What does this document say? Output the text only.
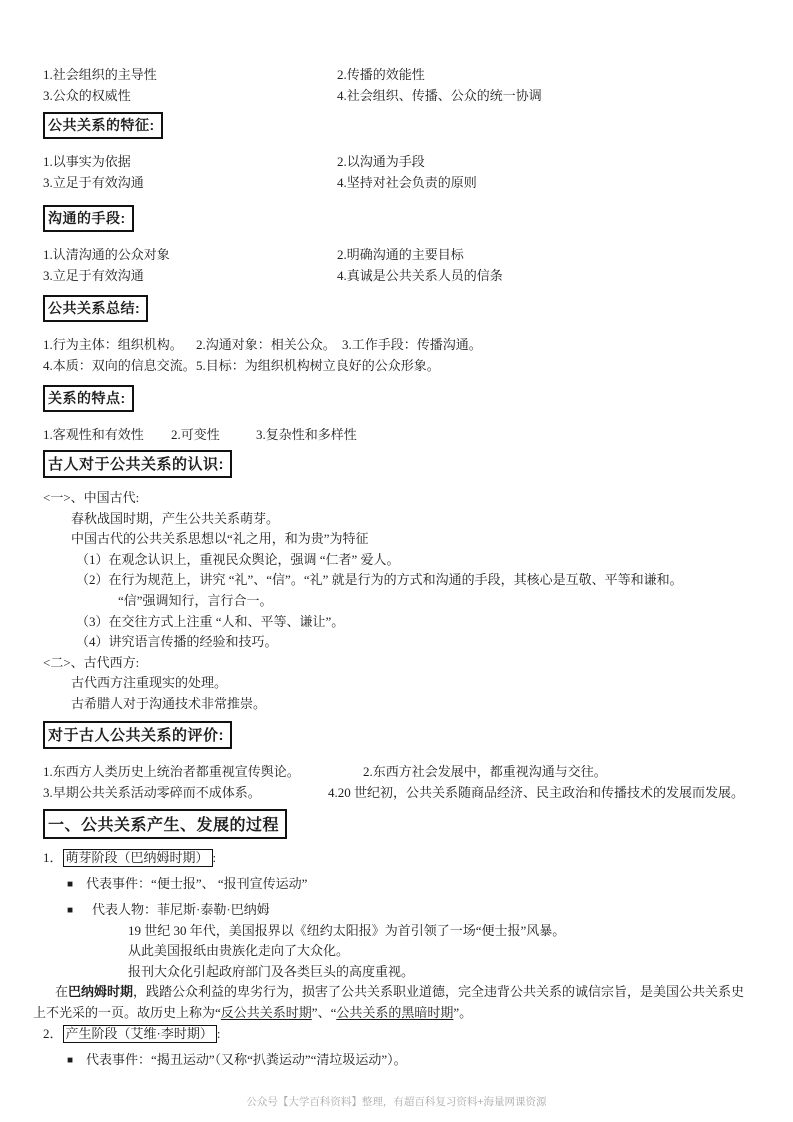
1.社会组织的主导性	2.传播的效能性
3.公众的权威性	4.社会组织、传播、公众的统一协调
公共关系的特征:
1.以事实为依据	2.以沟通为手段
3.立足于有效沟通	4.坚持对社会负责的原则
沟通的手段:
1.认清沟通的公众对象	2.明确沟通的主要目标
3.立足于有效沟通	4.真诚是公共关系人员的信条
公共关系总结:
1.行为主体：组织机构。	2.沟通对象：相关公众。 3.工作手段：传播沟通。
4.本质：双向的信息交流。 5.目标：为组织机构树立良好的公众形象。
关系的特点:
1.客观性和有效性 2.可变性	3.复杂性和多样性
古人对于公共关系的认识:

<一>、中国古代:

春秋战国时期，产生公共关系萌芽。

中国古代的公共关系思想以“礼之用，和为贵”为特征

（1）在观念认识上，重视民众舆论，强调 “仁者” 爱人。

（2）在行为规范上，讲究 “礼”、“信”。“礼” 就是行为的方式和沟通的手段，其核心是互敬、平等和谦和。

“信”强调知行，言行合一。

（3）在交往方式上注重 “人和、平等、谦让”。

（4）讲究语言传播的经验和技巧。

<二>、古代西方:

古代西方注重现实的处理。

古希腊人对于沟通技术非常推崇。

对于古人公共关系的评价:
1.东西方人类历史上统治者都重视宣传舆论。	2.东西方社会发展中，都重视沟通与交往。
3.早期公共关系活动零碎而不成体系。	4.20 世纪初，公共关系随商品经济、民主政治和传播技术的发展而发展。
一、公共关系产生、发展的过程
1． 萌芽阶段（巴纳姆时期） :
■ 代表事件：“便士报”、 “报刊宣传运动”
■ 代表人物：菲尼斯·泰勒·巴纳姆

19 世纪 30 年代，美国报界以《纽约太阳报》为首引领了一场“便士报”风暴。

从此美国报纸由贵族化走向了大众化。

报刊大众化引起政府部门及各类巨头的高度重视。

在巴纳姆时期，践踏公众利益的卑劣行为，损害了公共关系职业道德，完全违背公共关系的诚信宗旨，是美国公共关系史上不光采的一页。故历史上称为“反公共关系时期”、“公共关系的黑暗时期”。

2． 产生阶段（艾维·李时期） :
■ 代表事件：“揭丑运动”（又称“扒粪运动”“清垃圾运动”）。
公众号【大学百科资料】整理，有超百科复习资料+海量网课资源
